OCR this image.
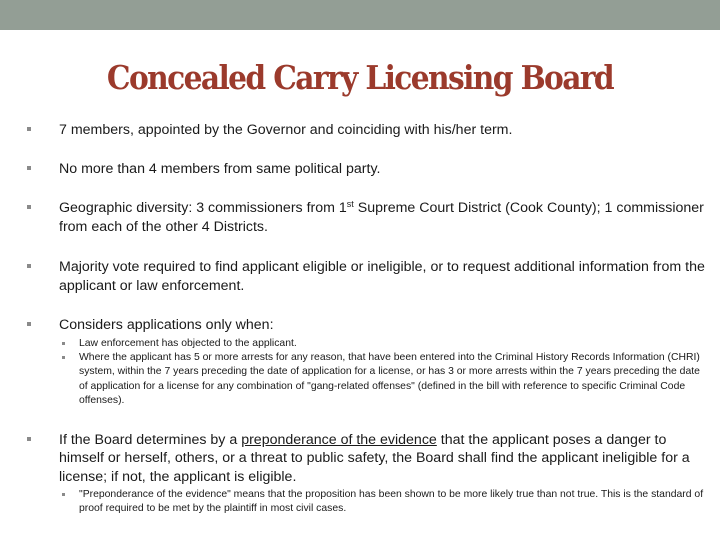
Concealed Carry Licensing Board
7 members, appointed by the Governor and coinciding with his/her term.
No more than 4 members from same political party.
Geographic diversity: 3 commissioners from 1st Supreme Court District (Cook County); 1 commissioner from each of the other 4 Districts.
Majority vote required to find applicant eligible or ineligible, or to request additional information from the applicant or law enforcement.
Considers applications only when:
Law enforcement has objected to the applicant.
Where the applicant has 5 or more arrests for any reason, that have been entered into the Criminal History Records Information (CHRI) system, within the 7 years preceding the date of application for a license, or has 3 or more arrests within the 7 years preceding the date of application for a license for any combination of "gang-related offenses" (defined in the bill with reference to specific Criminal Code offenses).
If the Board determines by a preponderance of the evidence that the applicant poses a danger to himself or herself, others, or a threat to public safety, the Board shall find the applicant ineligible for a license; if not, the applicant is eligible.
"Preponderance of the evidence" means that the proposition has been shown to be more likely true than not true. This is the standard of proof required to be met by the plaintiff in most civil cases.
